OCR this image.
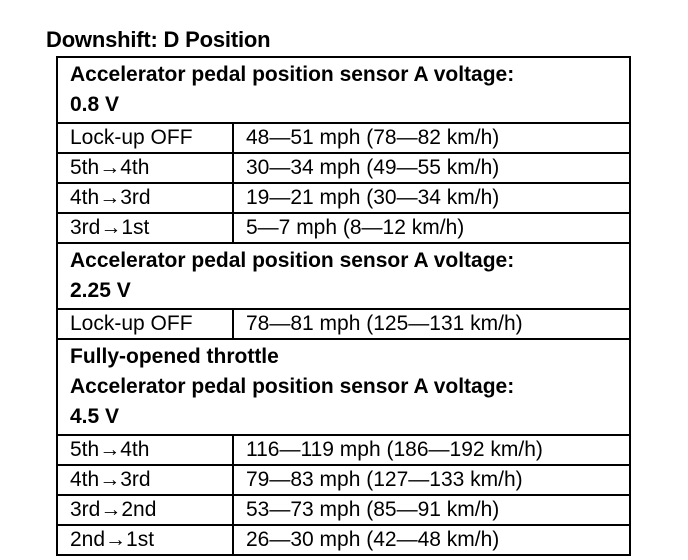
Downshift: D Position
Accelerator pedal position sensor A voltage:
0.8 V	

Lock-up OFF	48—51 mph (78—82 km/h)
5th→4th	30—34 mph (49—55 km/h)
4th→3rd	19—21 mph (30—34 km/h)
3rd→1st	5—7 mph (8—12 km/h)

Accelerator pedal position sensor A voltage:
2.25 V	

Lock-up OFF	78—81 mph (125—131 km/h)

Fully-opened throttle
Accelerator pedal position sensor A voltage:
4.5 V	

5th→4th	116—119 mph (186—192 km/h)
4th→3rd	79—83 mph (127—133 km/h)
3rd→2nd	53—73 mph (85—91 km/h)
2nd→1st	26—30 mph (42—48 km/h)
